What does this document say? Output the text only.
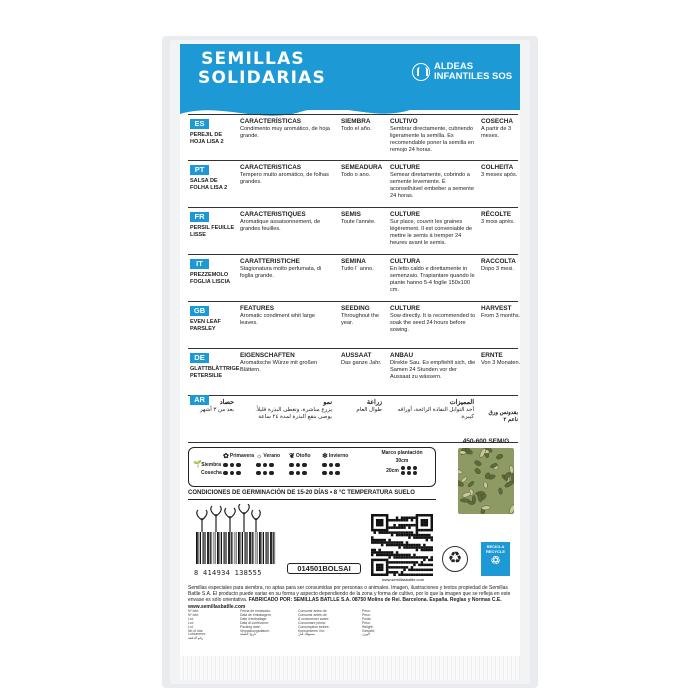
SEMILLAS
SOLIDARIAS
ALDEAS
INFANTILES SOS
ES
PEREJIL DE HOJA LISA 2
CARACTERÍSTICAS
Condimento muy aromático, de hoja grande.
SIEMBRA
Todo el año.
CULTIVO
Sembrar directamente, cubriendo ligeramente la semilla. Es recomendable poner la semilla en remojo 24 horas.
COSECHA
A partir de 3 meses.
PT
SALSA DE FOLHA LISA 2
CARACTERISTICAS
Tempero muito aromático, de folhas grandes.
SEMEADURA
Todo o ano.
CULTURE
Semear diretamente, cobrindo a semente levemente. É aconselhável embeber a semente 24 horas.
COLHEITA
3 meses após.
FR
PERSIL FEUILLE LISSE
CARACTERISTIQUES
Aromatique assaisonnement, de grandes feuilles.
SEMIS
Toute l'année.
CULTURE
Sur place, couvrir les graines légèrement. Il est conveniable de mettre le semis à tremper 24 heures avant le semis.
RÉCOLTE
3 mois après.
IT
PREZZEMOLO FOGLIA LISCIA
CARATTERISTICHE
Stagionatura molto perfumata, di foglia grande.
SEMINA
Tutto l´ anno.
CULTURA
En letto caldo e direttamente in semenzaio. Trapiantare quando le piante hanno 5-4 foglie 150x100 cm.
RACCOLTA
Dopo 3 mesi.
GB
EVEN LEAF PARSLEY
FEATURES
Aromatic condiment whit large leaves.
SEEDING
Throughout the year.
CULTURE
Sow directly. It is recommended to soak the seed 24 hours before sowing.
HARVEST
From 3 months.
DE
GLATTBLÄTTRIGE PETERSILIE
EIGENSCHAFTEN
Aromatische Würze mit großen Blättern.
AUSSAAT
Das ganze Jahr.
ANBAU
Direkte Sau. Es empfiehlt sich, die Samen 24 Stunden vor der Aussaat zu wässern.
ERNTE
Von 3 Monaten.
AR
بقدونس ورق ناعم ٢
المميزات
أحد التوابل النفاذة الرائحة، أوراقه كبيرة.
زراعة
طوال العام
نمو
يزرع مباشرة، وتغطى البذرة قليلاً. يوصى بنقع البذرة لمدة ٢٤ ساعة
حصاد
بعد من ٣ أشهر
🌱
✿ Primavera ☼ Verano ❦ Otoño ❄ Invierno
Siembra
Cosecha
Marco plantación
30cm
20cm
CONDICIONES DE GERMINACIÓN DE 15-20 DÍAS • 8 °C TEMPERATURA SUELO
450-600 SEM/G
8 414934 138555	014501BOLSAI
www.semillasbatlle.com
♻
RECICLA RECYCLE
♲
Semillas especiales para siembra, no aptas para ser consumidas por personas o animales. Imagen, ilustraciones y textos propiedad de Semillas Batlle S.A. El producto puede variar en su forma y aspecto dependiendo de la zona y forma de cultivo, por lo que la imagen que se refleja en este envase es sólo orientativa. FABRICADO POR: SEMILLAS BATLLE S.A. 08750 Molins de Rei. Barcelona. España. Reglas y Normas C.E. www.semillasbatlle.com
Nº lote:
Nº lote:
Lot:
Lot:
Lot
Nb of lots:
Lotnummer:
رقم الدفعة
Fecha de envasado:
Data de embalagem:
Date d'emballage:
Data di confezione:
Packing date:
Verpackungsdatum:
تاريخ التعبئة
Consumir antes de:
Consumir antes de:
À consommer avant:
Consumare prima:
Consumption before:
Konsumieren Vor:
يستهلك قبل
Peso:
Peso:
Poids:
Peso:
Weight:
Gewicht:
الوزن
